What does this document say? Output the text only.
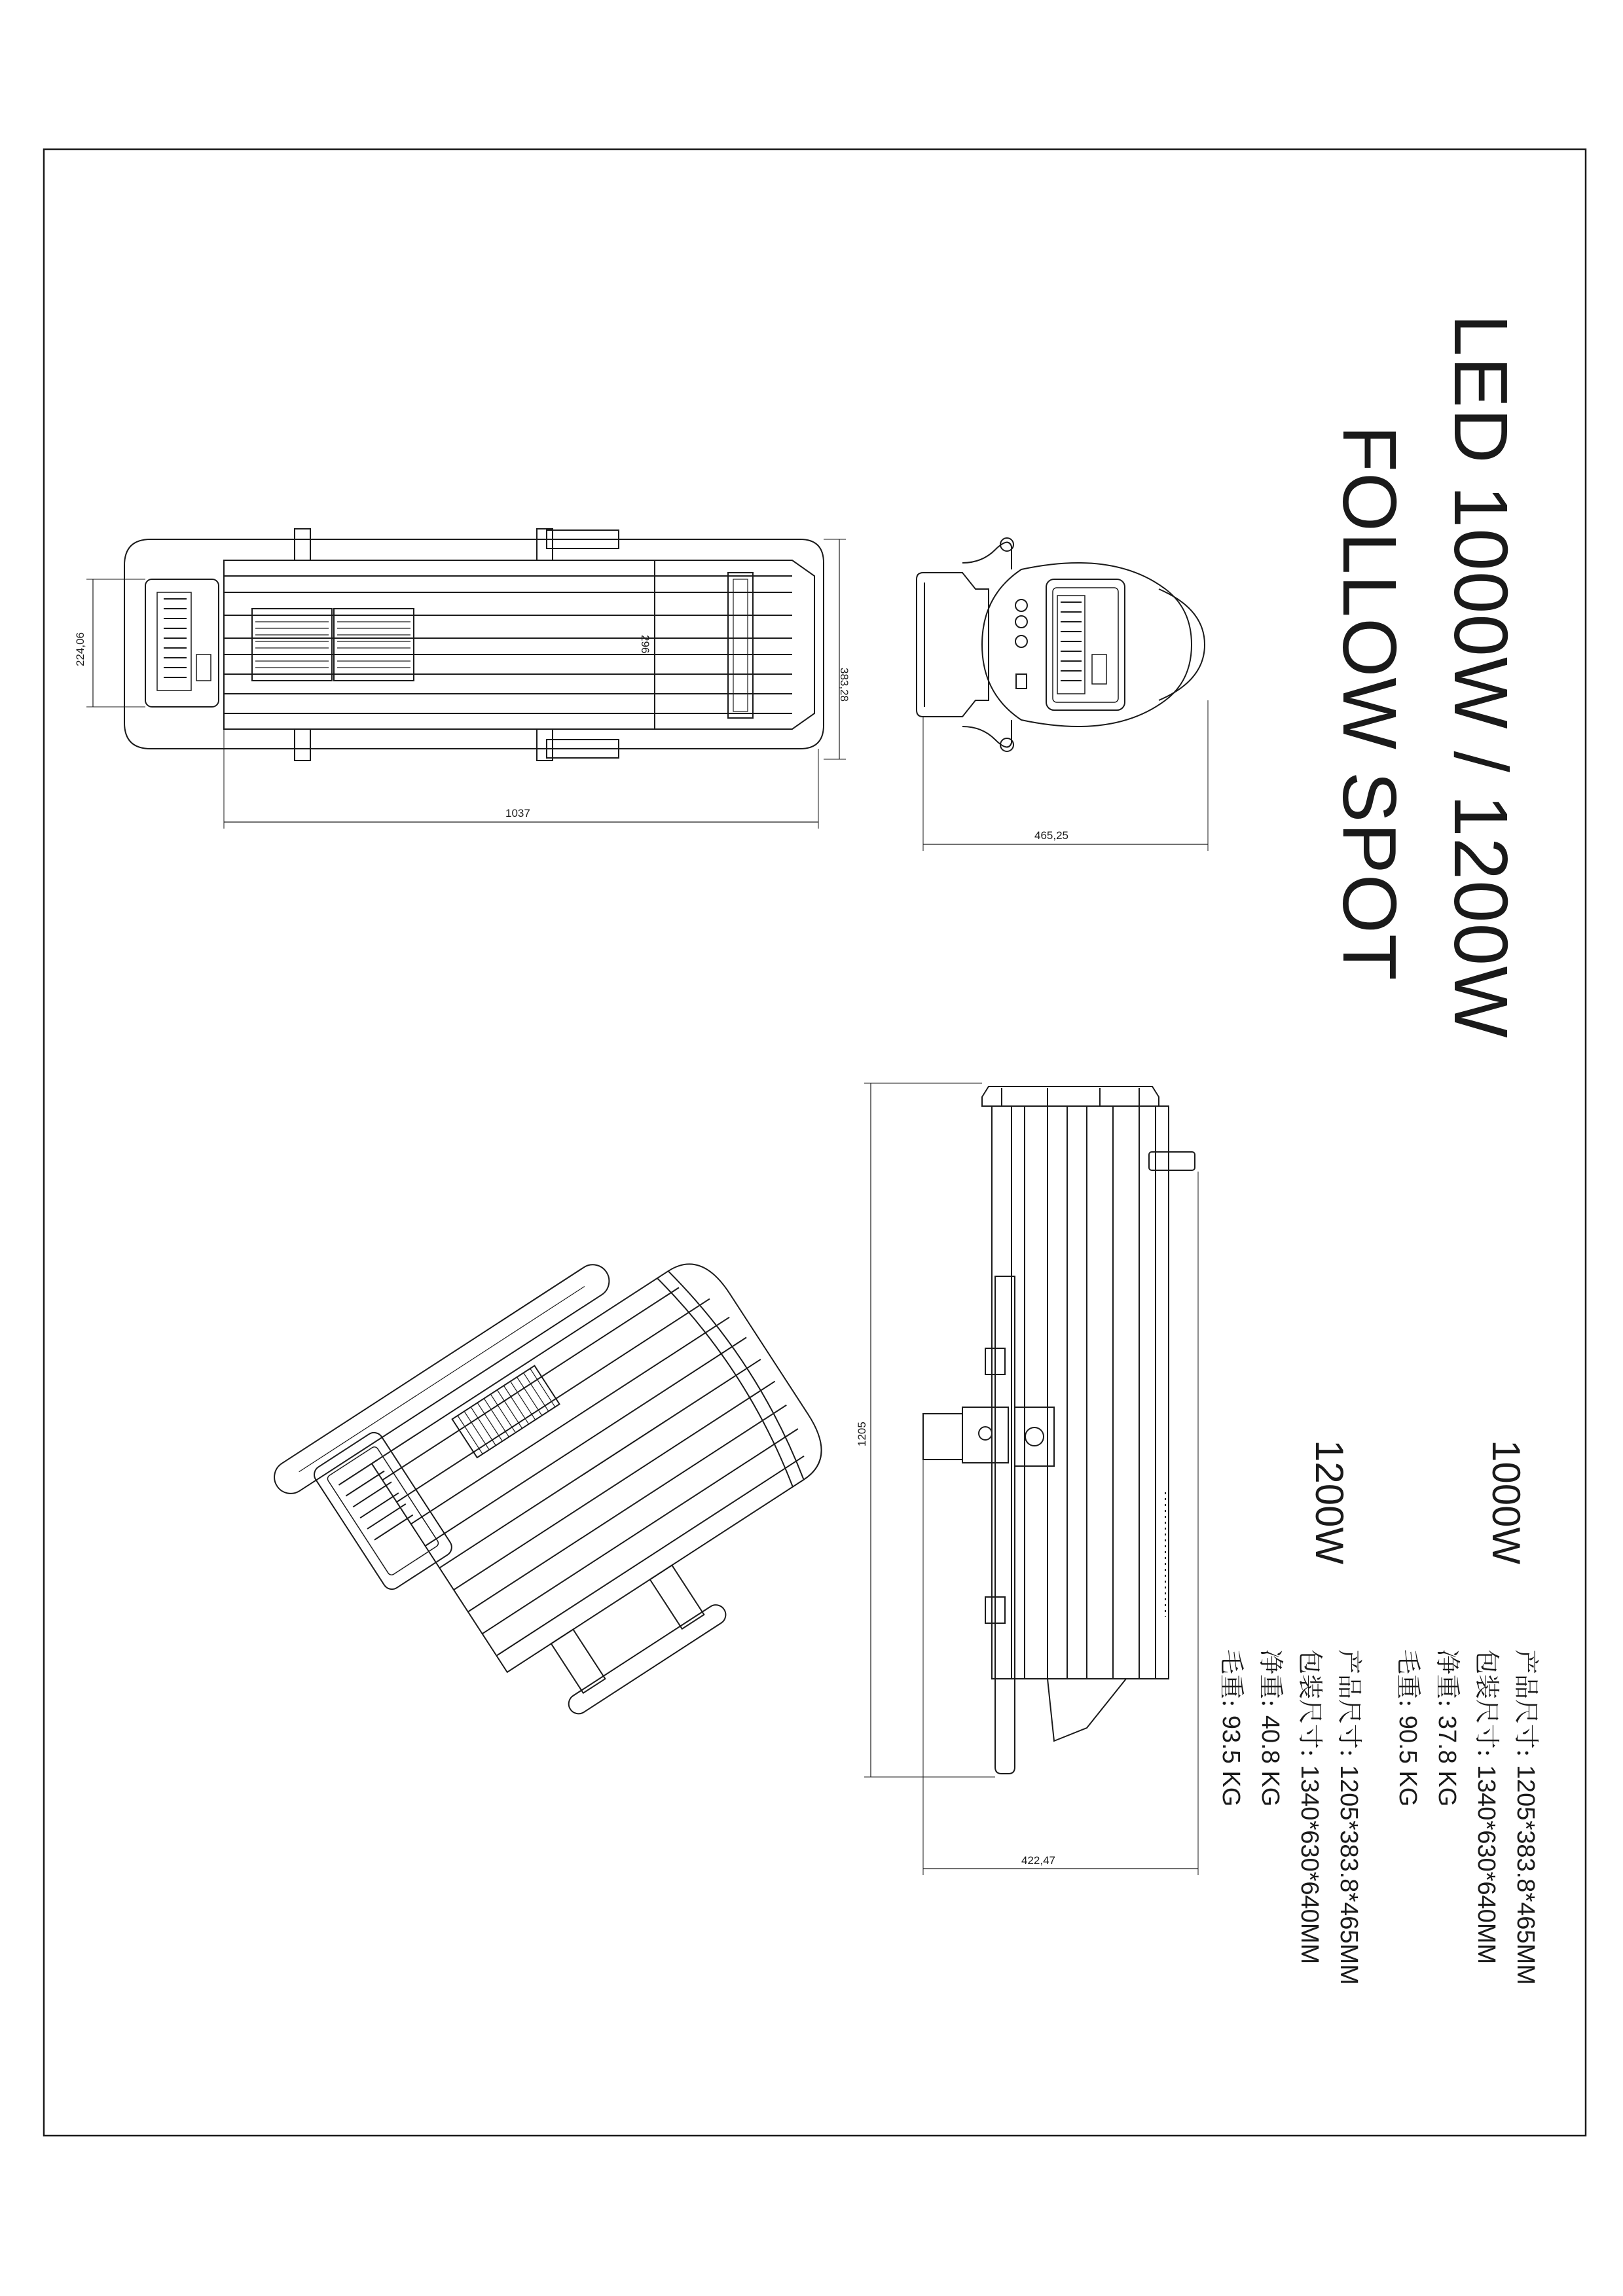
224,06
383,28
296
1037
465,25
1205
422,47
LED 1000W / 1200W
FOLLOW SPOT
1000W
1200W
产品尺寸: 1205*383.8*465MM
包装尺寸: 1340*630*640MM
净重: 37.8 KG
毛重: 90.5 KG
产品尺寸: 1205*383.8*465MM
包装尺寸: 1340*630*640MM
净重: 40.8 KG
毛重: 93.5 KG
